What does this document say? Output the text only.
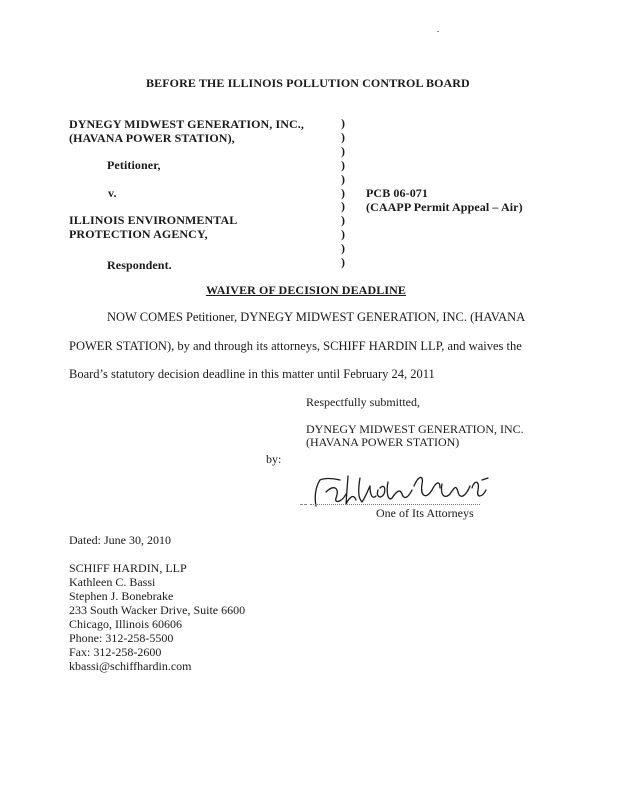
BEFORE THE ILLINOIS POLLUTION CONTROL BOARD
DYNEGY MIDWEST GENERATION, INC.,
(HAVANA POWER STATION),
Petitioner,
v.
ILLINOIS ENVIRONMENTAL
PROTECTION AGENCY,
Respondent.
)
)
)
)
)
)
)
)
)
)
)
PCB 06-071
(CAAPP Permit Appeal – Air)
WAIVER OF DECISION DEADLINE
NOW COMES Petitioner, DYNEGY MIDWEST GENERATION, INC. (HAVANA
POWER STATION), by and through its attorneys, SCHIFF HARDIN LLP, and waives the
Board’s statutory decision deadline in this matter until February 24, 2011
Respectfully submitted,
DYNEGY MIDWEST GENERATION, INC.
(HAVANA POWER STATION)
by:
One of Its Attorneys
Dated: June 30, 2010
SCHIFF HARDIN, LLP
Kathleen C. Bassi
Stephen J. Bonebrake
233 South Wacker Drive, Suite 6600
Chicago, Illinois 60606
Phone: 312-258-5500
Fax: 312-258-2600
kbassi@schiffhardin.com
